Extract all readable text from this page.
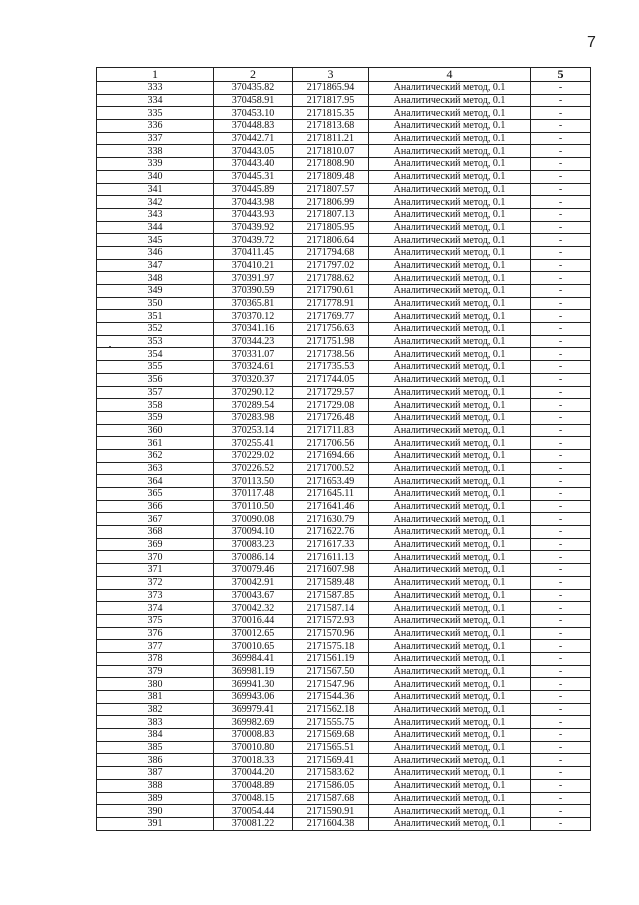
7
1	2	3	4	5
333	370435.82	2171865.94	Аналитический метод, 0.1	-
334	370458.91	2171817.95	Аналитический метод, 0.1	-
335	370453.10	2171815.35	Аналитический метод, 0.1	-
336	370448.83	2171813.68	Аналитический метод, 0.1	-
337	370442.71	2171811.21	Аналитический метод, 0.1	-
338	370443.05	2171810.07	Аналитический метод, 0.1	-
339	370443.40	2171808.90	Аналитический метод, 0.1	-
340	370445.31	2171809.48	Аналитический метод, 0.1	-
341	370445.89	2171807.57	Аналитический метод, 0.1	-
342	370443.98	2171806.99	Аналитический метод, 0.1	-
343	370443.93	2171807.13	Аналитический метод, 0.1	-
344	370439.92	2171805.95	Аналитический метод, 0.1	-
345	370439.72	2171806.64	Аналитический метод, 0.1	-
346	370411.45	2171794.68	Аналитический метод, 0.1	-
347	370410.21	2171797.02	Аналитический метод, 0.1	-
348	370391.97	2171788.62	Аналитический метод, 0.1	-
349	370390.59	2171790.61	Аналитический метод, 0.1	-
350	370365.81	2171778.91	Аналитический метод, 0.1	-
351	370370.12	2171769.77	Аналитический метод, 0.1	-
352	370341.16	2171756.63	Аналитический метод, 0.1	-
353	370344.23	2171751.98	Аналитический метод, 0.1	-
354	370331.07	2171738.56	Аналитический метод, 0.1	-
355	370324.61	2171735.53	Аналитический метод, 0.1	-
356	370320.37	2171744.05	Аналитический метод, 0.1	-
357	370290.12	2171729.57	Аналитический метод, 0.1	-
358	370289.54	2171729.08	Аналитический метод, 0.1	-
359	370283.98	2171726.48	Аналитический метод, 0.1	-
360	370253.14	2171711.83	Аналитический метод, 0.1	-
361	370255.41	2171706.56	Аналитический метод, 0.1	-
362	370229.02	2171694.66	Аналитический метод, 0.1	-
363	370226.52	2171700.52	Аналитический метод, 0.1	-
364	370113.50	2171653.49	Аналитический метод, 0.1	-
365	370117.48	2171645.11	Аналитический метод, 0.1	-
366	370110.50	2171641.46	Аналитический метод, 0.1	-
367	370090.08	2171630.79	Аналитический метод, 0.1	-
368	370094.10	2171622.76	Аналитический метод, 0.1	-
369	370083.23	2171617.33	Аналитический метод, 0.1	-
370	370086.14	2171611.13	Аналитический метод, 0.1	-
371	370079.46	2171607.98	Аналитический метод, 0.1	-
372	370042.91	2171589.48	Аналитический метод, 0.1	-
373	370043.67	2171587.85	Аналитический метод, 0.1	-
374	370042.32	2171587.14	Аналитический метод, 0.1	-
375	370016.44	2171572.93	Аналитический метод, 0.1	-
376	370012.65	2171570.96	Аналитический метод, 0.1	-
377	370010.65	2171575.18	Аналитический метод, 0.1	-
378	369984.41	2171561.19	Аналитический метод, 0.1	-
379	369981.19	2171567.50	Аналитический метод, 0.1	-
380	369941.30	2171547.96	Аналитический метод, 0.1	-
381	369943.06	2171544.36	Аналитический метод, 0.1	-
382	369979.41	2171562.18	Аналитический метод, 0.1	-
383	369982.69	2171555.75	Аналитический метод, 0.1	-
384	370008.83	2171569.68	Аналитический метод, 0.1	-
385	370010.80	2171565.51	Аналитический метод, 0.1	-
386	370018.33	2171569.41	Аналитический метод, 0.1	-
387	370044.20	2171583.62	Аналитический метод, 0.1	-
388	370048.89	2171586.05	Аналитический метод, 0.1	-
389	370048.15	2171587.68	Аналитический метод, 0.1	-
390	370054.44	2171590.91	Аналитический метод, 0.1	-
391	370081.22	2171604.38	Аналитический метод, 0.1	-
